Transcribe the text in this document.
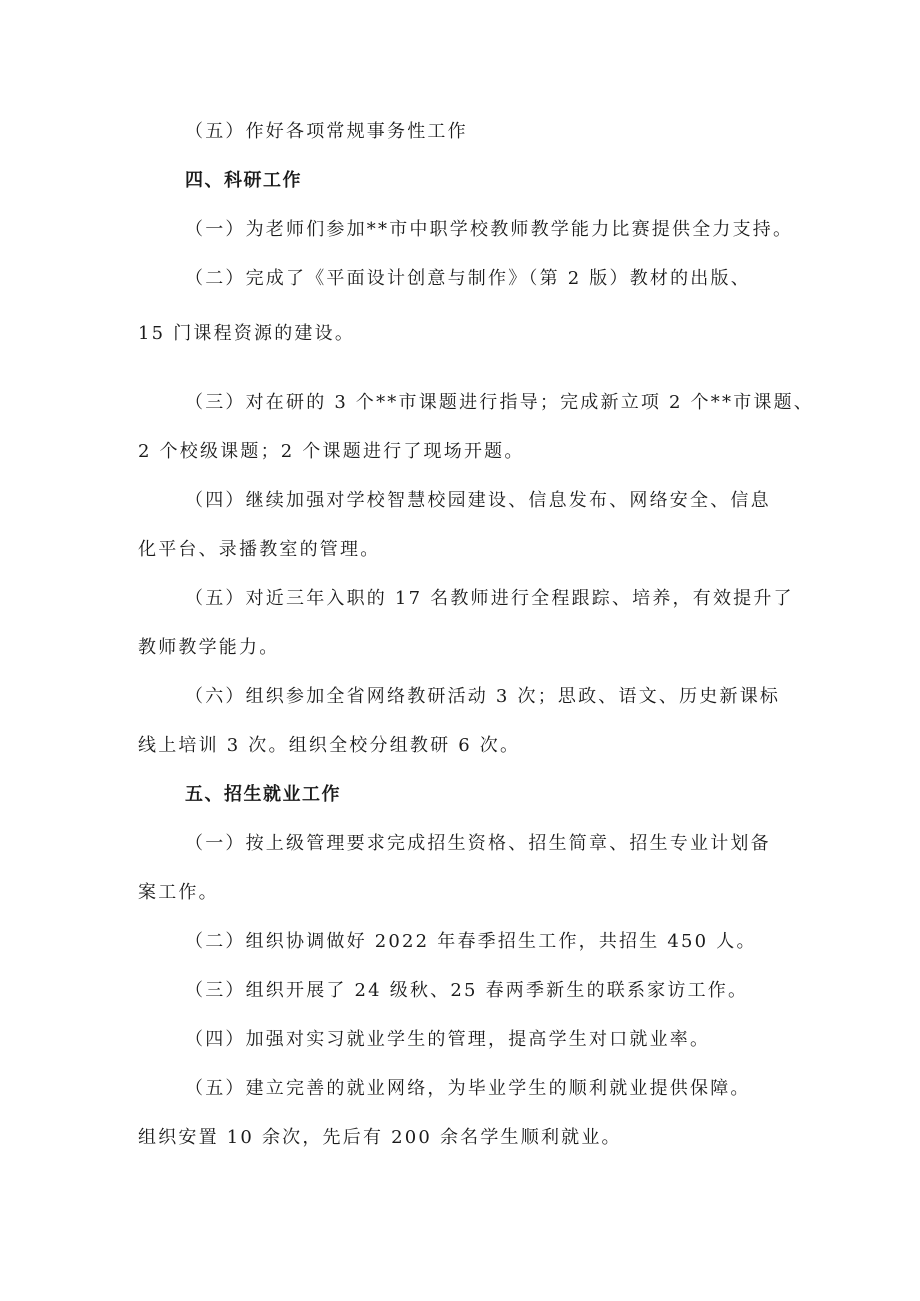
（五）作好各项常规事务性工作
四、科研工作
（一）为老师们参加**市中职学校教师教学能力比赛提供全力支持。
（二）完成了《平面设计创意与制作》（第 2 版）教材的出版、
15 门课程资源的建设。
（三）对在研的 3 个**市课题进行指导；完成新立项 2 个**市课题、
2 个校级课题；2 个课题进行了现场开题。
（四）继续加强对学校智慧校园建设、信息发布、网络安全、信息
化平台、录播教室的管理。
（五）对近三年入职的 17 名教师进行全程跟踪、培养，有效提升了
教师教学能力。
（六）组织参加全省网络教研活动 3 次；思政、语文、历史新课标
线上培训 3 次。组织全校分组教研 6 次。
五、招生就业工作
（一）按上级管理要求完成招生资格、招生简章、招生专业计划备
案工作。
（二）组织协调做好 2022 年春季招生工作，共招生 450 人。
（三）组织开展了 24 级秋、25 春两季新生的联系家访工作。
（四）加强对实习就业学生的管理，提高学生对口就业率。
（五）建立完善的就业网络，为毕业学生的顺利就业提供保障。
组织安置 10 余次，先后有 200 余名学生顺利就业。
